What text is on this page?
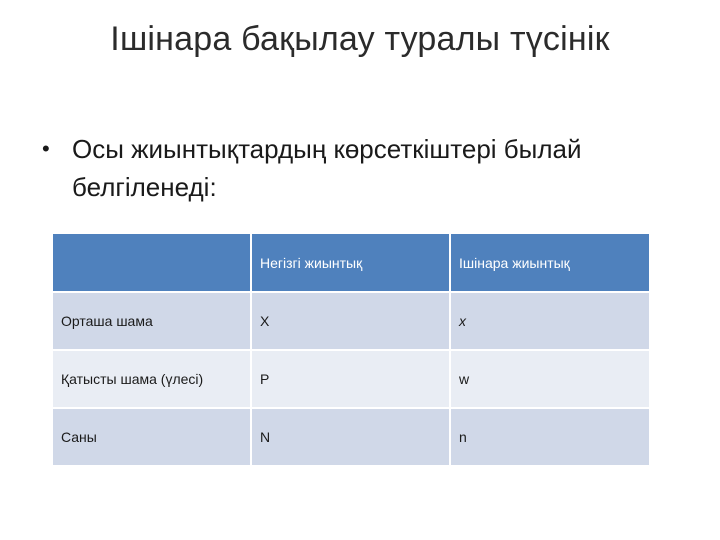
Ішінара бақылау туралы түсінік
• Осы жиынтықтардың көрсеткіштері былай белгіленеді:
	Негізгі жиынтық	Ішінара жиынтық
Орташа шама	X	x
Қатысты шама (үлесі)	P	w
Саны	N	n
